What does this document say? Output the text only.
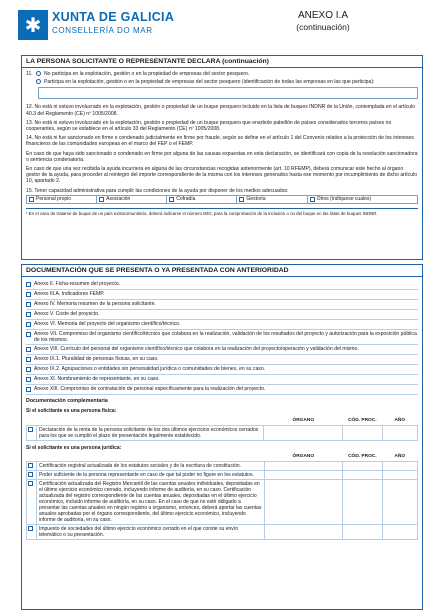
✱ XUNTA DE GALICIA
CONSELLERÍA DO MAR
ANEXO I.A
(continuación)
LA PERSONA SOLICITANTE O REPRESENTANTE DECLARA (continuación)
11.	No participa en la explotación, gestión o en la propiedad de empresas del sector pesquero.
Participa en la explotación, gestión o en la propiedad de empresas del sector pesquero (identificación de todas las empresas en las que participa):
12. No está ni estuvo involucrado en la explotación, gestión o propiedad de un buque pesquero incluido en la lista de buques INDNR de la Unión, contemplada en el artículo 40.3 del Reglamento (CE) nº 1005/2008.
13. No está ni estuvo involucrado en la explotación, gestión o propiedad de un buque pesquero que enarbole pabellón de países considerados terceros países no cooperantes, según se establece en el artículo 33 del Reglamento (CE) nº 1005/2008.
14. No está ni fue sancionado en firme o condenado judicialmente en firme por fraude, según se define en el artículo 1 del Convenio relativo a la protección de los intereses financieros de las comunidades europeas en el marco del FEP o el FEMP.
En caso de que haya sido sancionado o condenado en firme por alguna de las causas expuestas en esta declaración, se identificará con copia de la resolución sancionadora o sentencia condenatoria.
En caso de que una vez recibida la ayuda incurriera en alguna de las circunstancias recogidas anteriormente (art. 10 RFEMP), deberá comunicar este hecho al órgano gestor de la ayuda, para proceder al reintegro del importe correspondiente de la misma con los intereses generados hasta ese momento por incumplimiento de dicho artículo 10, apartado 2.
15. Tener capacidad administrativa para cumplir las condiciones de la ayuda por disponer de los medios adecuados:
Personal propio	Asociación	Cofradía	Gestoría	Otros (indíquese cuales)
¹ En el caso de tratarse de buque de un país extracomunitario, deberá indicarse el número IMO, para la comprobación de la inclusión o no del buque en las listas de buques INDNR.
DOCUMENTACIÓN QUE SE PRESENTA O YA PRESENTADA CON ANTERIORIDAD
Anexo II. Ficha-resumen del proyecto.
Anexo III.A. Indicadores FEMP.
Anexo IV. Memoria resumen de la persona solicitante.
Anexo V. Coste del proyecto.
Anexo VI. Memoria del proyecto del organismo científico/técnico.
Anexo VII. Compromiso del organismo científico/técnico que colabora en la realización, validación de los resultados del proyecto y autorización para la exposición pública de los mismos.
Anexo VIII. Currículo del personal del organismo científico/técnico que colabora en la realización del proyecto/operación y validación del mismo.
Anexo IX.1. Pluralidad de personas físicas, en su caso.
Anexo IX.2. Agrupaciones o entidades sin personalidad jurídica o comunidades de bienes, en su caso.
Anexo XI. Nombramiento de representante, en su caso.
Anexo XIII. Compromiso de contratación de personal específicamente para la realización del proyecto.
Documentación complementaria
Si el solicitante es una persona física:
		ÓRGANO	CÓD. PROC.	AÑO
	Declaración de la renta de la persona solicitante de los dos últimos ejercicios económicos cerrados para los que se cumplió el plazo de presentación legalmente establecido.			
Si el solicitante es una persona jurídica:
		ÓRGANO	CÓD. PROC.	AÑO
	Certificación registral actualizada de los estatutos sociales y de la escritura de constitución.			
	Poder suficiente de la persona representante en caso de que tal poder no figure en los estatutos.			
	Certificación actualizada del Registro Mercantil de las cuentas anuales individuales, depositadas en el último ejercicio económico cerrado, incluyendo informe de auditoría, en su caso. Certificación actualizada del registro correspondiente de las cuentas anuales, depositadas en el último ejercicio económico, incluido informe de auditoría, en su caso. En el caso de que no esté obligado a presentar las cuentas anuales en ningún registro u organismo, entonces, deberá aportar las cuentas anuales aprobadas por el órgano correspondiente, del último ejercicio económico, incluyendo informe de auditoría, en su caso.			
	Impuesto de sociedades del último ejercicio económico cerrado en el que conste su envío telemático o su presentación.			
